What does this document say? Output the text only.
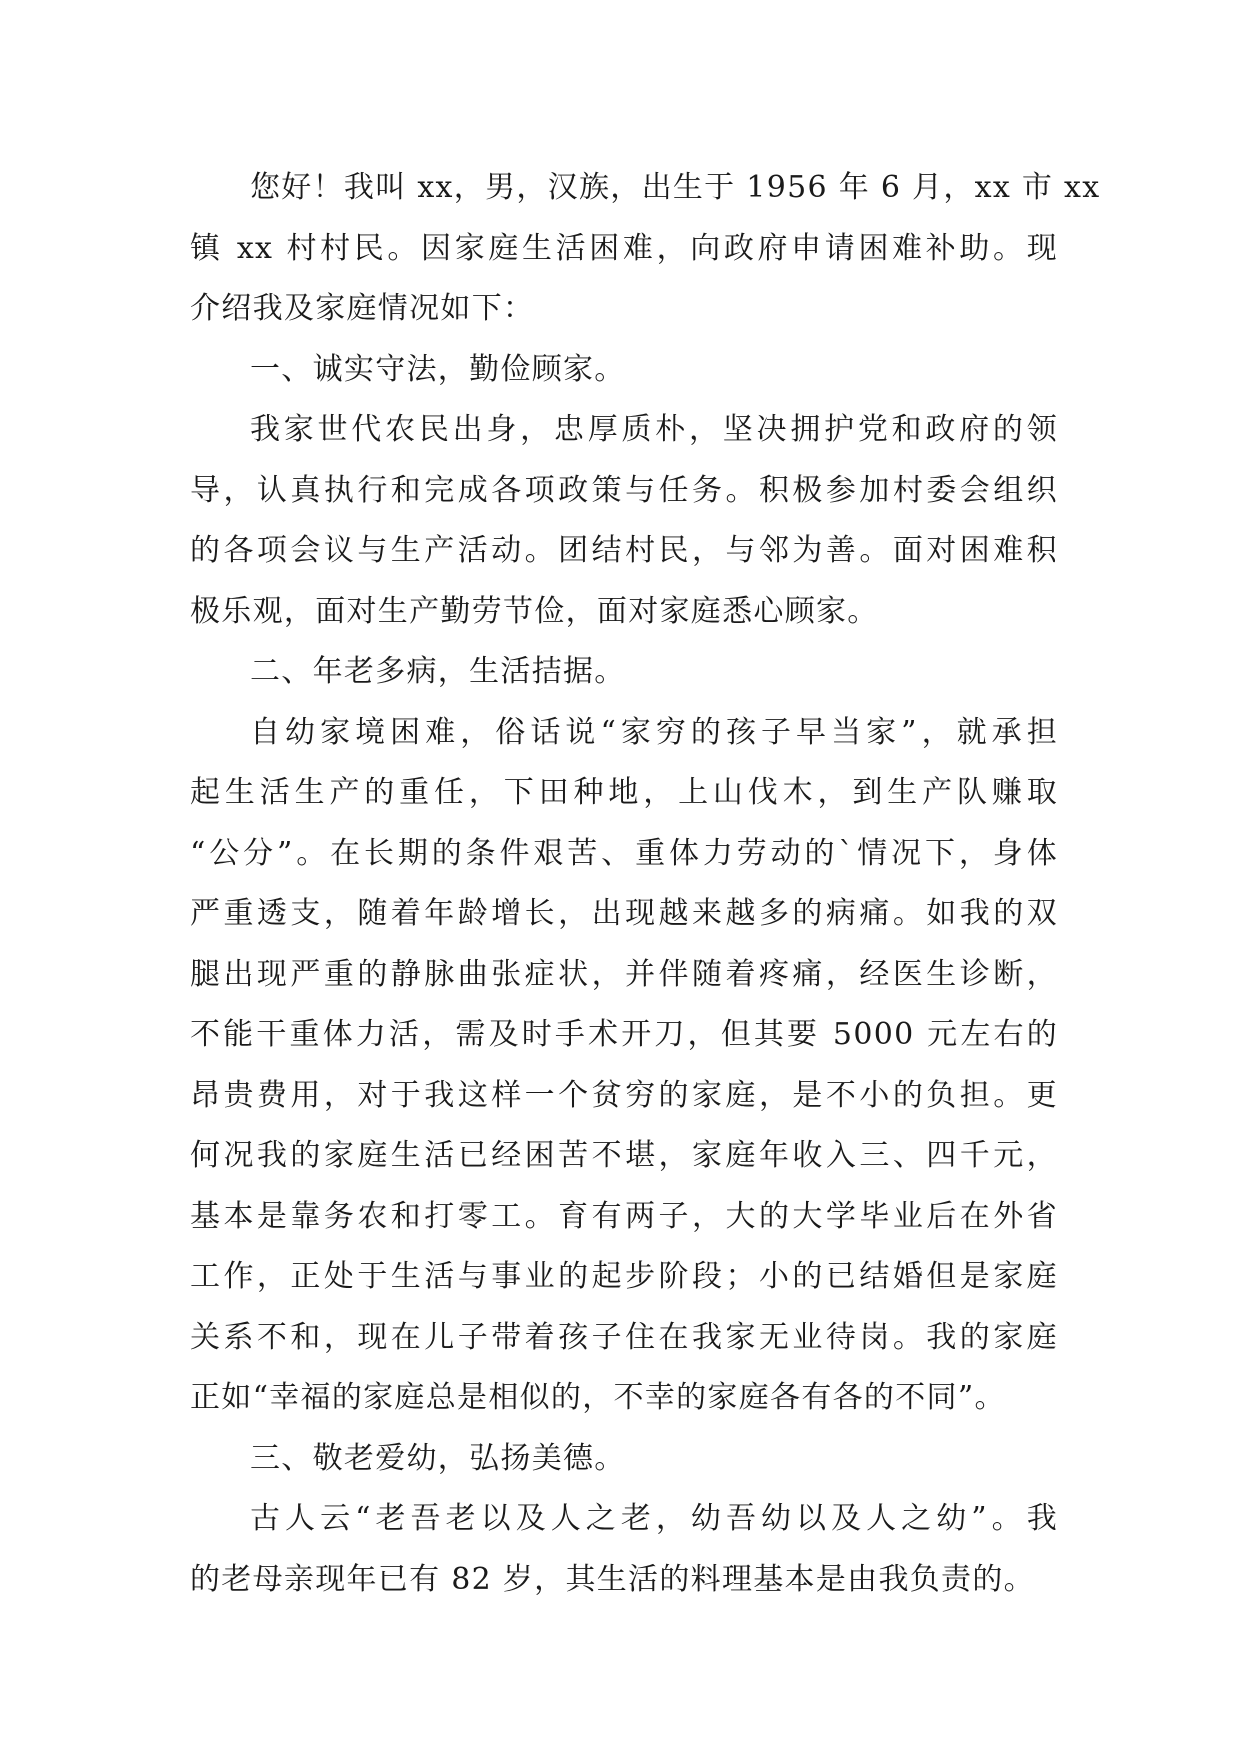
您好！我叫 xx，男，汉族，出生于 1956 年 6 月，xx 市 xx
镇 xx 村村民。因家庭生活困难，向政府申请困难补助。现
介绍我及家庭情况如下：
一、诚实守法，勤俭顾家。
我家世代农民出身，忠厚质朴，坚决拥护党和政府的领
导，认真执行和完成各项政策与任务。积极参加村委会组织
的各项会议与生产活动。团结村民，与邻为善。面对困难积
极乐观，面对生产勤劳节俭，面对家庭悉心顾家。
二、年老多病，生活拮据。
自幼家境困难，俗话说“家穷的孩子早当家”，就承担
起生活生产的重任，下田种地，上山伐木，到生产队赚取
“公分”。在长期的条件艰苦、重体力劳动的`情况下，身体
严重透支，随着年龄增长，出现越来越多的病痛。如我的双
腿出现严重的静脉曲张症状，并伴随着疼痛，经医生诊断，
不能干重体力活，需及时手术开刀，但其要 5000 元左右的
昂贵费用，对于我这样一个贫穷的家庭，是不小的负担。更
何况我的家庭生活已经困苦不堪，家庭年收入三、四千元，
基本是靠务农和打零工。育有两子，大的大学毕业后在外省
工作，正处于生活与事业的起步阶段；小的已结婚但是家庭
关系不和，现在儿子带着孩子住在我家无业待岗。我的家庭
正如“幸福的家庭总是相似的，不幸的家庭各有各的不同”。
三、敬老爱幼，弘扬美德。
古人云“老吾老以及人之老，幼吾幼以及人之幼”。我
的老母亲现年已有 82 岁，其生活的料理基本是由我负责的。
